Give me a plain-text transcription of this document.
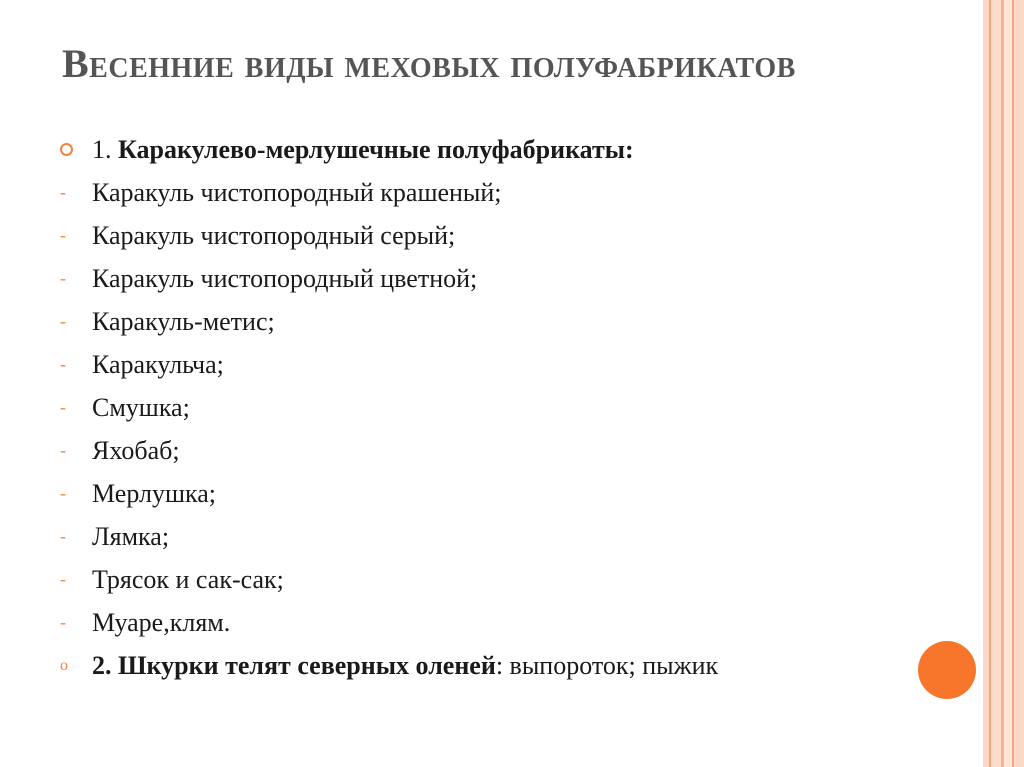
Весенние виды меховых полуфабрикатов
1. Каракулево-мерлушечные полуфабрикаты:
- Каракуль чистопородный крашеный;
- Каракуль чистопородный серый;
- Каракуль чистопородный цветной;
- Каракуль-метис;
- Каракульча;
- Смушка;
- Яхобаб;
- Мерлушка;
- Лямка;
- Трясок и сак-сак;
- Муаре,клям.
o 2. Шкурки телят северных оленей: выпороток; пыжик
